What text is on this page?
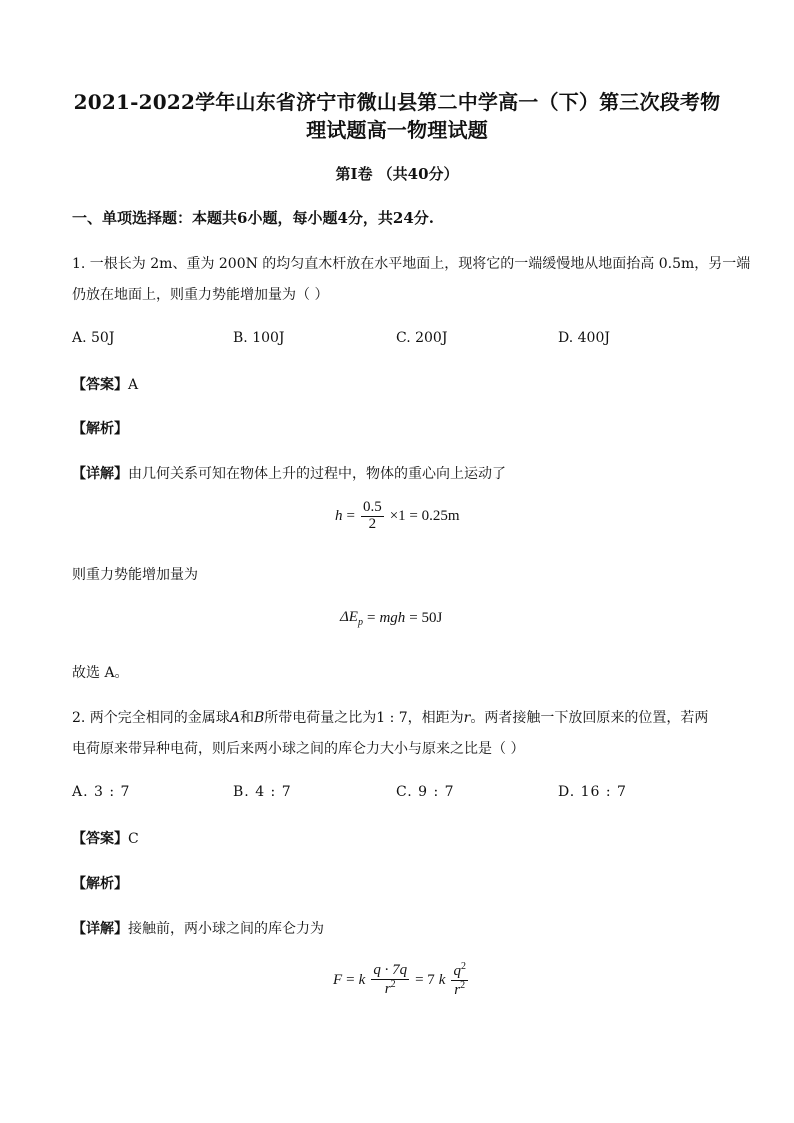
2021-2022学年山东省济宁市微山县第二中学高一（下）第三次段考物
理试题高一物理试题
第I卷 （共40分）
一、单项选择题：本题共6小题，每小题4分，共24分.
1. 一根长为 2m、重为 200N 的均匀直木杆放在水平地面上，现将它的一端缓慢地从地面抬高 0.5m，另一端
仍放在地面上，则重力势能增加量为（ ）
A. 50J	B. 100J	C. 200J	D. 400J
【答案】A
【解析】
【详解】由几何关系可知在物体上升的过程中，物体的重心向上运动了
$h = \frac{0.5}{2} \times 1 = 0.25m$
则重力势能增加量为
$\Delta E_p$ = mgh = 50J
故选 A。
2. 两个完全相同的金属球A和B所带电荷量之比为1 : 7，相距为r。两者接触一下放回原来的位置，若两
电荷原来带异种电荷，则后来两小球之间的库仑力大小与原来之比是（ ）
A. 3 : 7	B. 4 : 7	C. 9 : 7	D. 16 : 7
【答案】C
【解析】
【详解】接触前，两小球之间的库仑力为
F = k $\frac{q \cdot 7q}{r^2} = 7$ k $\frac{q^2}{r^2}$
